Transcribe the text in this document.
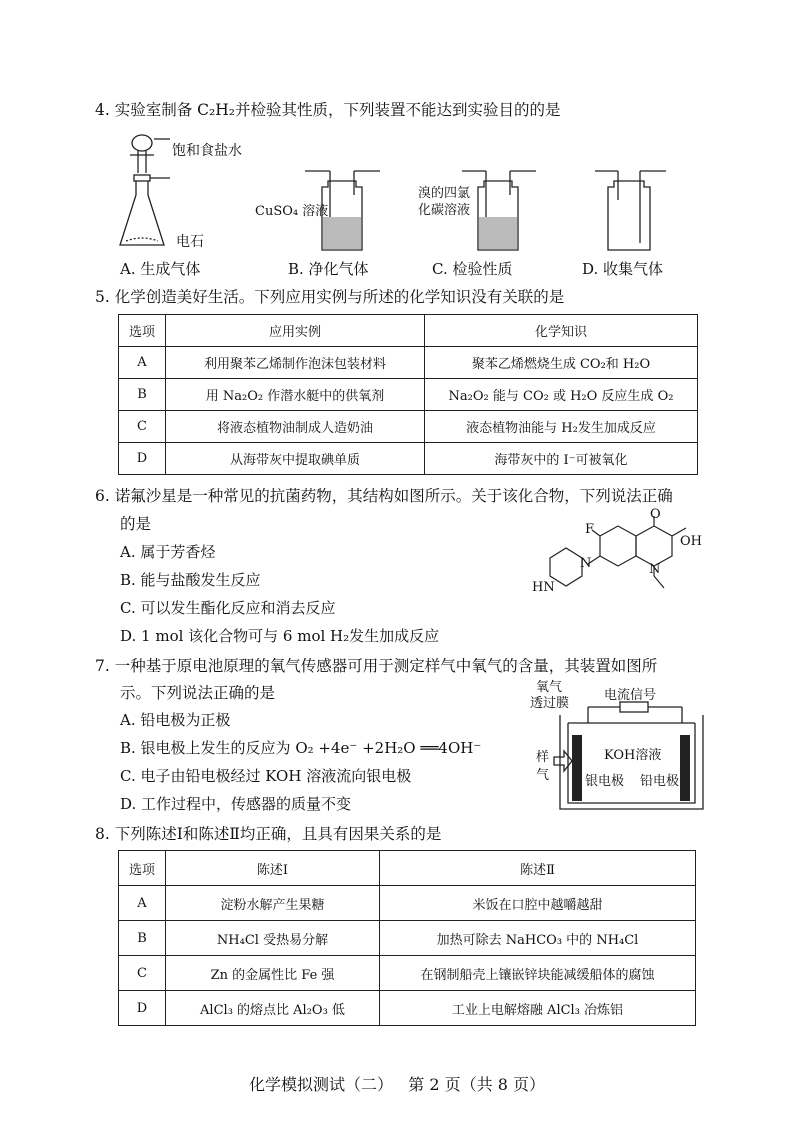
4. 实验室制备 C₂H₂并检验其性质，下列装置不能达到实验目的的是
饱和食盐水
电石
CuSO₄ 溶液
溴的四氯
化碳溶液
A. 生成气体	B. 净化气体	C. 检验性质	D. 收集气体
5. 化学创造美好生活。下列应用实例与所述的化学知识没有关联的是
选项	应用实例	化学知识
A	利用聚苯乙烯制作泡沫包装材料	聚苯乙烯燃烧生成 CO₂和 H₂O
B	用 Na₂O₂ 作潜水艇中的供氧剂	Na₂O₂ 能与 CO₂ 或 H₂O 反应生成 O₂
C	将液态植物油制成人造奶油	液态植物油能与 H₂发生加成反应
D	从海带灰中提取碘单质	海带灰中的 I⁻可被氧化
6. 诺氟沙星是一种常见的抗菌药物，其结构如图所示。关于该化合物，下列说法正确
的是
A. 属于芳香烃
B. 能与盐酸发生反应
C. 可以发生酯化反应和消去反应
D. 1 mol 该化合物可与 6 mol H₂发生加成反应
F
O
OH
N	N
HN
7. 一种基于原电池原理的氧气传感器可用于测定样气中氧气的含量，其装置如图所
示。下列说法正确的是
A. 铅电极为正极
B. 银电极上发生的反应为 O₂ +4e⁻ +2H₂O ══4OH⁻
C. 电子由铅电极经过 KOH 溶液流向银电极
D. 工作过程中，传感器的质量不变
氧气
透过膜
电流信号
KOH溶液
样
气	银电极 铅电极
8. 下列陈述Ⅰ和陈述Ⅱ均正确，且具有因果关系的是
选项	陈述Ⅰ	陈述Ⅱ
A	淀粉水解产生果糖	米饭在口腔中越嚼越甜
B	NH₄Cl 受热易分解	加热可除去 NaHCO₃ 中的 NH₄Cl
C	Zn 的金属性比 Fe 强	在钢制船壳上镶嵌锌块能减缓船体的腐蚀
D	AlCl₃ 的熔点比 Al₂O₃ 低	工业上电解熔融 AlCl₃ 冶炼铝
化学模拟测试（二）   第 2 页（共 8 页）
